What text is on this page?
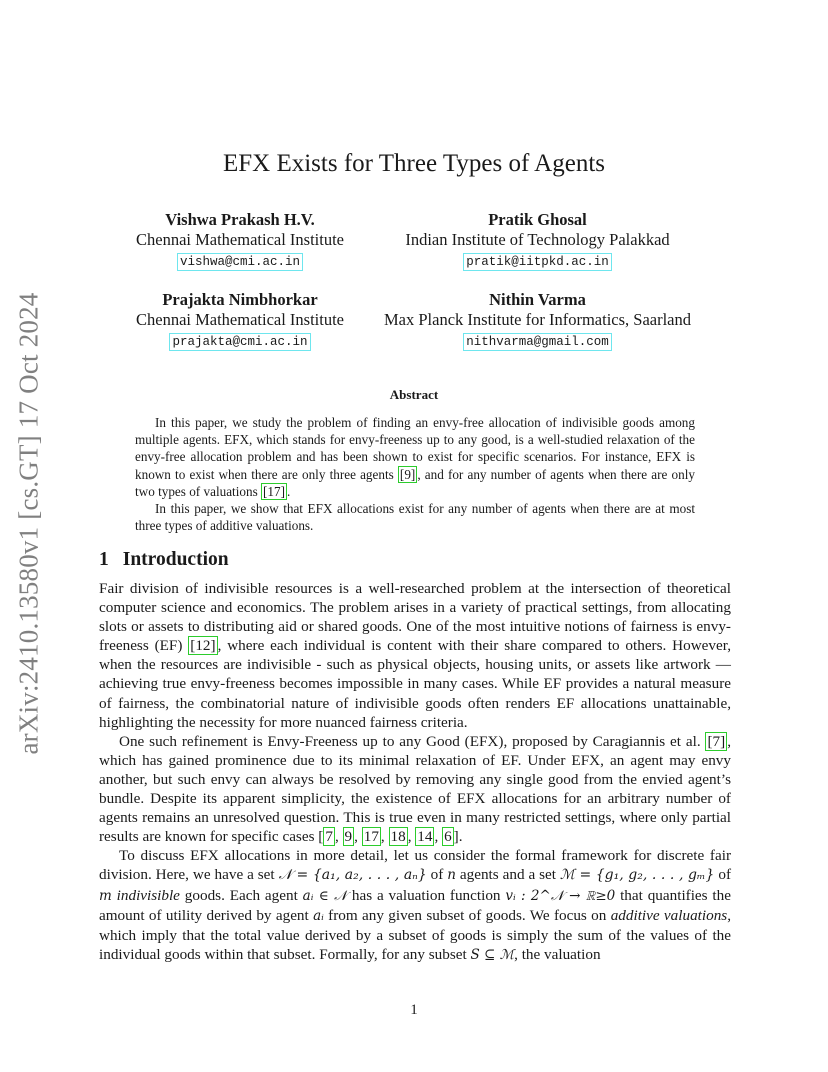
arXiv:2410.13580v1 [cs.GT] 17 Oct 2024
EFX Exists for Three Types of Agents
Vishwa Prakash H.V.
Chennai Mathematical Institute
vishwa@cmi.ac.in
Pratik Ghosal
Indian Institute of Technology Palakkad
pratik@iitpkd.ac.in
Prajakta Nimbhorkar
Chennai Mathematical Institute
prajakta@cmi.ac.in
Nithin Varma
Max Planck Institute for Informatics, Saarland
nithvarma@gmail.com
Abstract

In this paper, we study the problem of finding an envy-free allocation of indivisible goods among multiple agents. EFX, which stands for envy-freeness up to any good, is a well-studied relaxation of the envy-free allocation problem and has been shown to exist for specific scenarios. For instance, EFX is known to exist when there are only three agents [9] , and for any number of agents when there are only two types of valuations [17] .

In this paper, we show that EFX allocations exist for any number of agents when there are at most three types of additive valuations.

1 Introduction

Fair division of indivisible resources is a well-researched problem at the intersection of theoretical computer science and economics. The problem arises in a variety of practical settings, from allocating slots or assets to distributing aid or shared goods. One of the most intuitive notions of fairness is envy-freeness (EF) [12] , where each individual is content with their share compared to others. However, when the resources are indivisible - such as physical objects, housing units, or assets like artwork — achieving true envy-freeness becomes impossible in many cases. While EF provides a natural measure of fairness, the combinatorial nature of indivisible goods often renders EF allocations unattainable, highlighting the necessity for more nuanced fairness criteria.

One such refinement is Envy-Freeness up to any Good (EFX), proposed by Caragiannis et al. [7] , which has gained prominence due to its minimal relaxation of EF. Under EFX, an agent may envy another, but such envy can always be resolved by removing any single good from the envied agent’s bundle. Despite its apparent simplicity, the existence of EFX allocations for an arbitrary number of agents remains an unresolved question. This is true even in many restricted settings, where only partial results are known for specific cases [ 7 , 9 , 17 , 18 , 14 , 6 ].

To discuss EFX allocations in more detail, let us consider the formal framework for discrete fair division. Here, we have a set 𝒩 = {a₁, a₂, . . . , aₙ} of n agents and a set ℳ = {g₁, g₂, . . . , gₘ} of m indivisible goods. Each agent aᵢ ∈ 𝒩 has a valuation function vᵢ : 2^𝒩 → ℝ≥0 that quantifies the amount of utility derived by agent aᵢ from any given subset of goods. We focus on additive valuations, which imply that the total value derived by a subset of goods is simply the sum of the values of the individual goods within that subset. Formally, for any subset S ⊆ ℳ, the valuation

1
